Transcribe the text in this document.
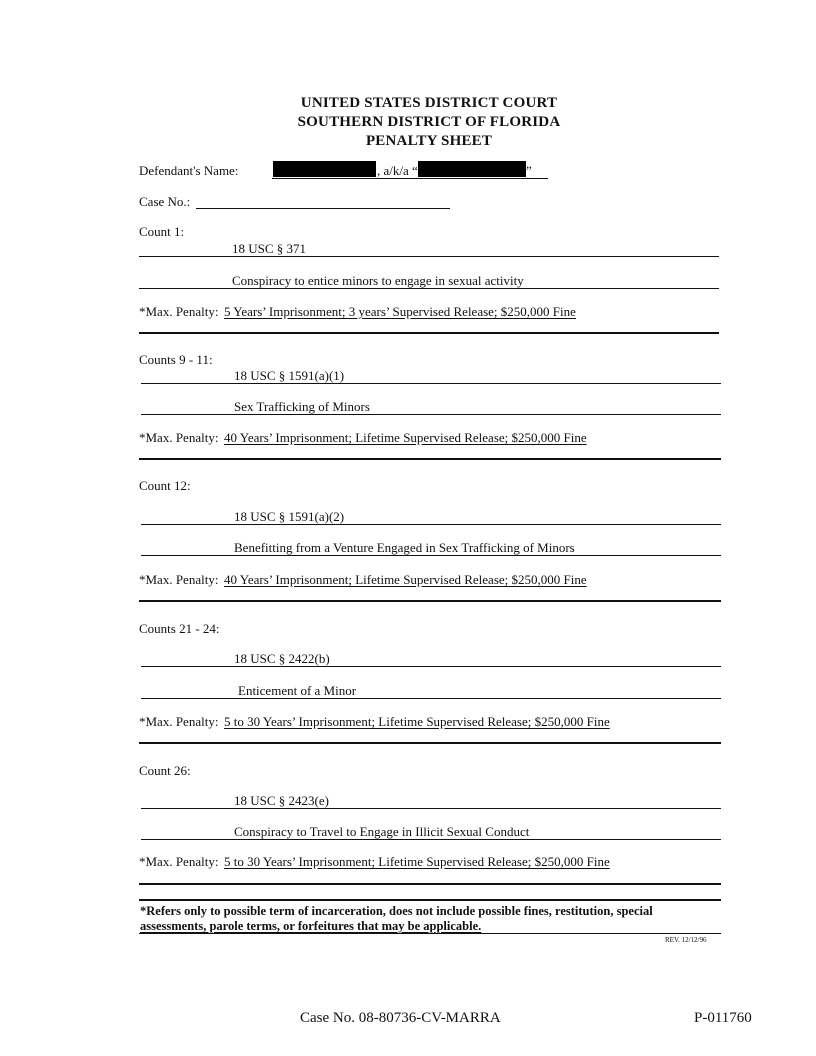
UNITED STATES DISTRICT COURT
SOUTHERN DISTRICT OF FLORIDA
PENALTY SHEET
Defendant's Name:	, a/k/a “	”
Case No.:
Count 1:
18 USC § 371
Conspiracy to entice minors to engage in sexual activity
*Max. Penalty: 5 Years’ Imprisonment; 3 years’ Supervised Release; $250,000 Fine
Counts 9 - 11:
18 USC § 1591(a)(1)
Sex Trafficking of Minors
*Max. Penalty: 40 Years’ Imprisonment; Lifetime Supervised Release; $250,000 Fine
Count 12:
18 USC § 1591(a)(2)
Benefitting from a Venture Engaged in Sex Trafficking of Minors
*Max. Penalty: 40 Years’ Imprisonment; Lifetime Supervised Release; $250,000 Fine
Counts 21 - 24:
18 USC § 2422(b)
Enticement of a Minor
*Max. Penalty: 5 to 30 Years’ Imprisonment; Lifetime Supervised Release; $250,000 Fine
Count 26:
18 USC § 2423(e)
Conspiracy to Travel to Engage in Illicit Sexual Conduct
*Max. Penalty: 5 to 30 Years’ Imprisonment; Lifetime Supervised Release; $250,000 Fine
*Refers only to possible term of incarceration, does not include possible fines, restitution, special
assessments, parole terms, or forfeitures that may be applicable.
REV. 12/12/96
Case No. 08-80736-CV-MARRA	P-011760
